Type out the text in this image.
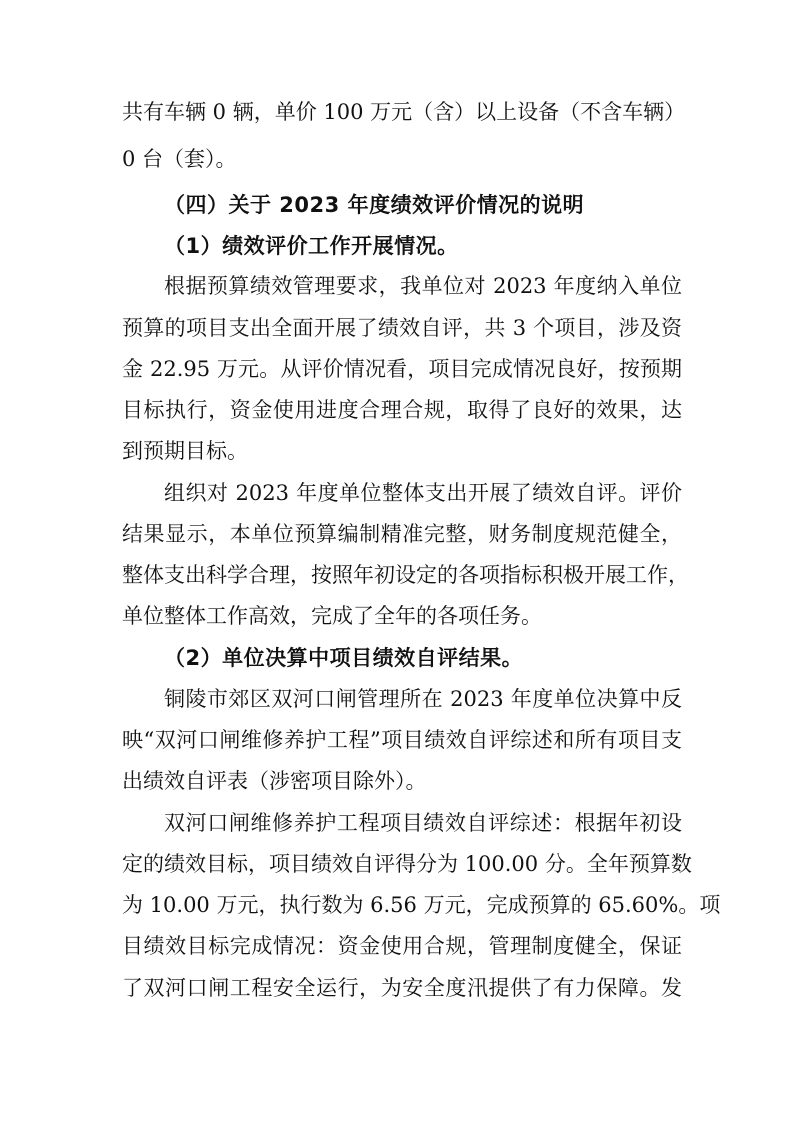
共有车辆 0 辆，单价 100 万元（含）以上设备（不含车辆）

0 台（套）。

（四）关于 2023 年度绩效评价情况的说明

（1）绩效评价工作开展情况。

根据预算绩效管理要求，我单位对 2023 年度纳入单位

预算的项目支出全面开展了绩效自评，共 3 个项目，涉及资

金 22.95 万元。从评价情况看，项目完成情况良好，按预期

目标执行，资金使用进度合理合规，取得了良好的效果，达

到预期目标。

组织对 2023 年度单位整体支出开展了绩效自评。评价

结果显示，本单位预算编制精准完整，财务制度规范健全，

整体支出科学合理，按照年初设定的各项指标积极开展工作，

单位整体工作高效，完成了全年的各项任务。

（2）单位决算中项目绩效自评结果。

铜陵市郊区双河口闸管理所在 2023 年度单位决算中反

映“双河口闸维修养护工程”项目绩效自评综述和所有项目支

出绩效自评表（涉密项目除外）。

双河口闸维修养护工程项目绩效自评综述：根据年初设

定的绩效目标，项目绩效自评得分为 100.00 分。全年预算数

为 10.00 万元，执行数为 6.56 万元，完成预算的 65.60%。项

目绩效目标完成情况：资金使用合规，管理制度健全，保证

了双河口闸工程安全运行，为安全度汛提供了有力保障。发
